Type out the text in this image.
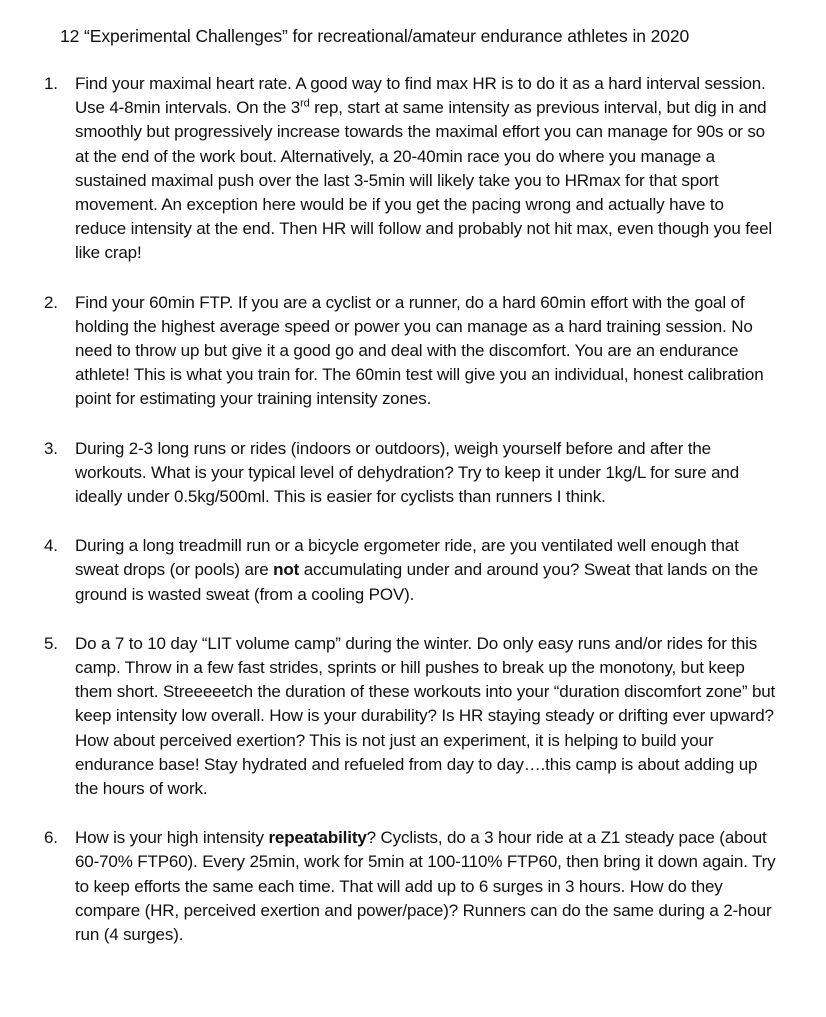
12 “Experimental Challenges” for recreational/amateur endurance athletes in 2020
1. Find your maximal heart rate. A good way to find max HR is to do it as a hard interval session. Use 4-8min intervals. On the 3rd rep, start at same intensity as previous interval, but dig in and smoothly but progressively increase towards the maximal effort you can manage for 90s or so at the end of the work bout. Alternatively, a 20-40min race you do where you manage a sustained maximal push over the last 3-5min will likely take you to HRmax for that sport movement. An exception here would be if you get the pacing wrong and actually have to reduce intensity at the end. Then HR will follow and probably not hit max, even though you feel like crap!
2. Find your 60min FTP. If you are a cyclist or a runner, do a hard 60min effort with the goal of holding the highest average speed or power you can manage as a hard training session. No need to throw up but give it a good go and deal with the discomfort. You are an endurance athlete! This is what you train for. The 60min test will give you an individual, honest calibration point for estimating your training intensity zones.
3. During 2-3 long runs or rides (indoors or outdoors), weigh yourself before and after the workouts. What is your typical level of dehydration? Try to keep it under 1kg/L for sure and ideally under 0.5kg/500ml. This is easier for cyclists than runners I think.
4. During a long treadmill run or a bicycle ergometer ride, are you ventilated well enough that sweat drops (or pools) are not accumulating under and around you? Sweat that lands on the ground is wasted sweat (from a cooling POV).
5. Do a 7 to 10 day “LIT volume camp” during the winter. Do only easy runs and/or rides for this camp. Throw in a few fast strides, sprints or hill pushes to break up the monotony, but keep them short. Streeeeetch the duration of these workouts into your “duration discomfort zone” but keep intensity low overall. How is your durability? Is HR staying steady or drifting ever upward? How about perceived exertion? This is not just an experiment, it is helping to build your endurance base! Stay hydrated and refueled from day to day….this camp is about adding up the hours of work.
6. How is your high intensity repeatability? Cyclists, do a 3 hour ride at a Z1 steady pace (about 60-70% FTP60). Every 25min, work for 5min at 100-110% FTP60, then bring it down again. Try to keep efforts the same each time. That will add up to 6 surges in 3 hours. How do they compare (HR, perceived exertion and power/pace)? Runners can do the same during a 2-hour run (4 surges).
